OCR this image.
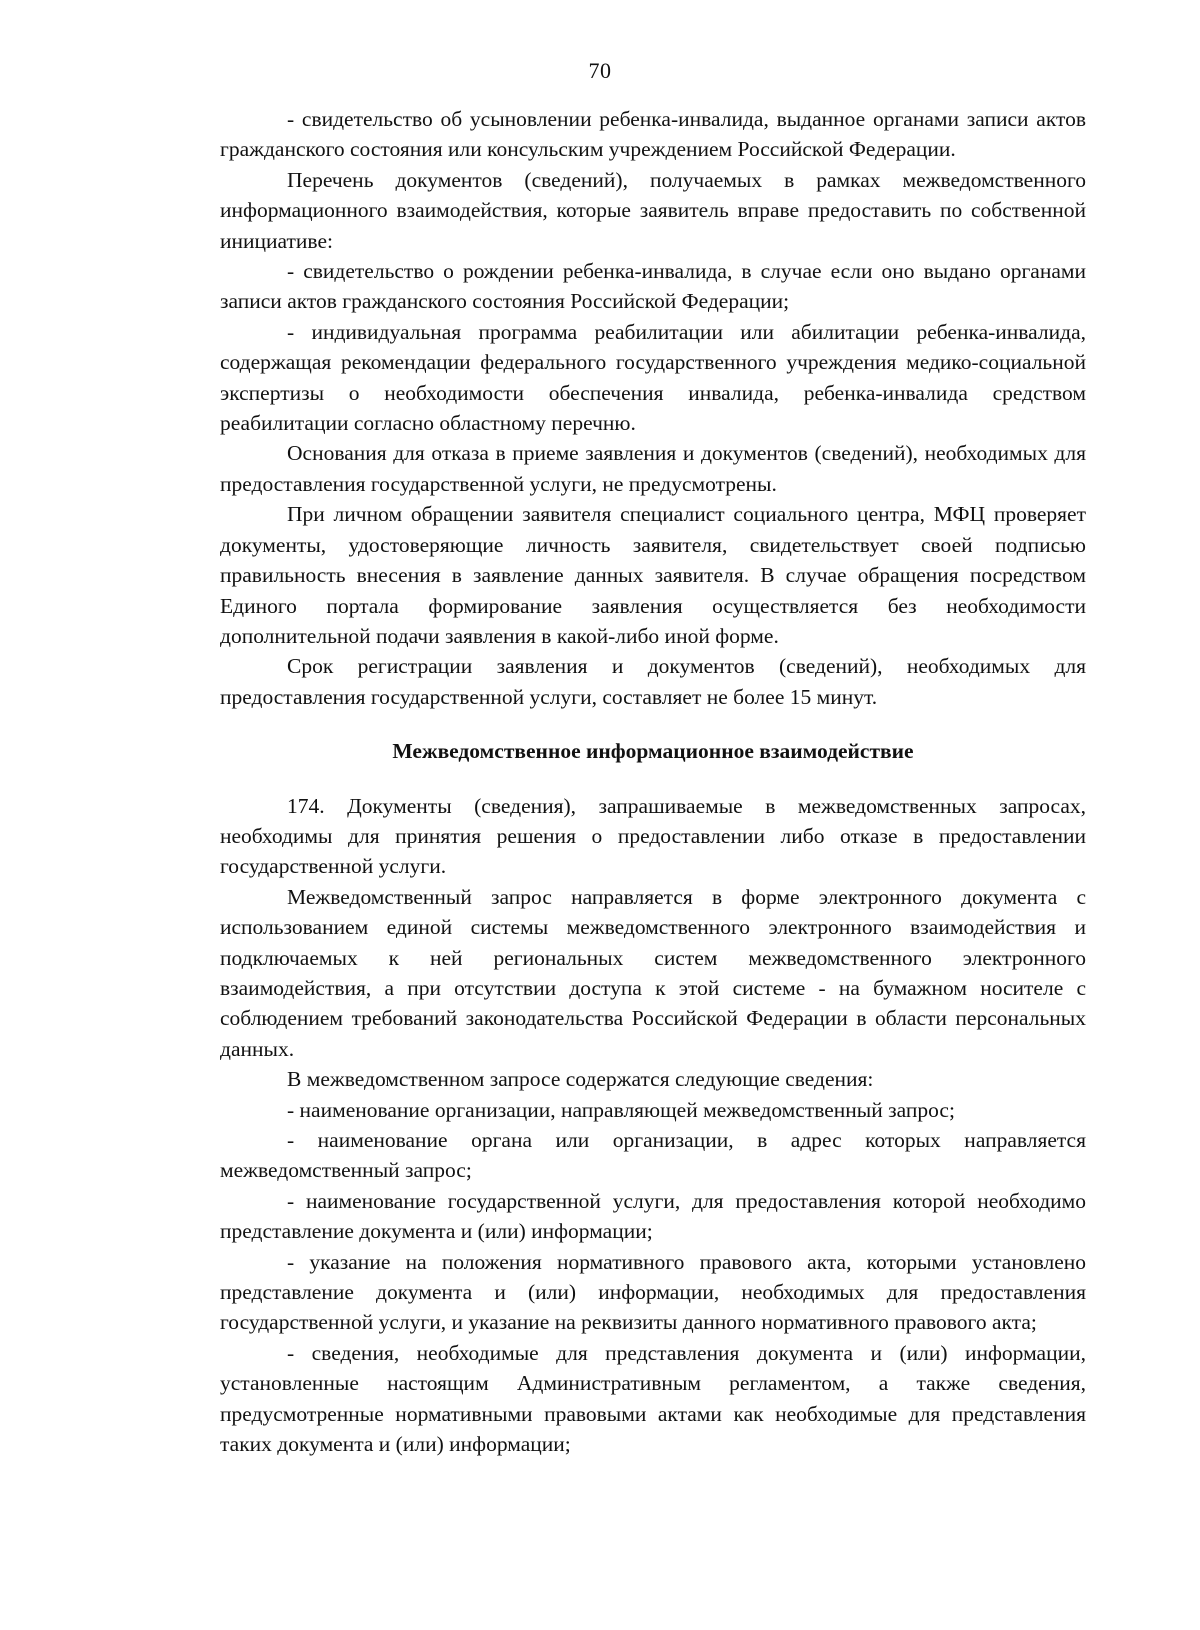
70

- свидетельство об усыновлении ребенка-инвалида, выданное органами записи актов гражданского состояния или консульским учреждением Российской Федерации.

Перечень документов (сведений), получаемых в рамках межведомственного информационного взаимодействия, которые заявитель вправе предоставить по собственной инициативе:

- свидетельство о рождении ребенка-инвалида, в случае если оно выдано органами записи актов гражданского состояния Российской Федерации;

- индивидуальная программа реабилитации или абилитации ребенка-инвалида, содержащая рекомендации федерального государственного учреждения медико-социальной экспертизы о необходимости обеспечения инвалида, ребенка-инвалида средством реабилитации согласно областному перечню.

Основания для отказа в приеме заявления и документов (сведений), необходимых для предоставления государственной услуги, не предусмотрены.

При личном обращении заявителя специалист социального центра, МФЦ проверяет документы, удостоверяющие личность заявителя, свидетельствует своей подписью правильность внесения в заявление данных заявителя. В случае обращения посредством Единого портала формирование заявления осуществляется без необходимости дополнительной подачи заявления в какой-либо иной форме.

Срок регистрации заявления и документов (сведений), необходимых для предоставления государственной услуги, составляет не более 15 минут.

Межведомственное информационное взаимодействие

174. Документы (сведения), запрашиваемые в межведомственных запросах, необходимы для принятия решения о предоставлении либо отказе в предоставлении государственной услуги.

Межведомственный запрос направляется в форме электронного документа с использованием единой системы межведомственного электронного взаимодействия и подключаемых к ней региональных систем межведомственного электронного взаимодействия, а при отсутствии доступа к этой системе - на бумажном носителе с соблюдением требований законодательства Российской Федерации в области персональных данных.

В межведомственном запросе содержатся следующие сведения:

- наименование организации, направляющей межведомственный запрос;

- наименование органа или организации, в адрес которых направляется межведомственный запрос;

- наименование государственной услуги, для предоставления которой необходимо представление документа и (или) информации;

- указание на положения нормативного правового акта, которыми установлено представление документа и (или) информации, необходимых для предоставления государственной услуги, и указание на реквизиты данного нормативного правового акта;

- сведения, необходимые для представления документа и (или) информации, установленные настоящим Административным регламентом, а также сведения, предусмотренные нормативными правовыми актами как необходимые для представления таких документа и (или) информации;
